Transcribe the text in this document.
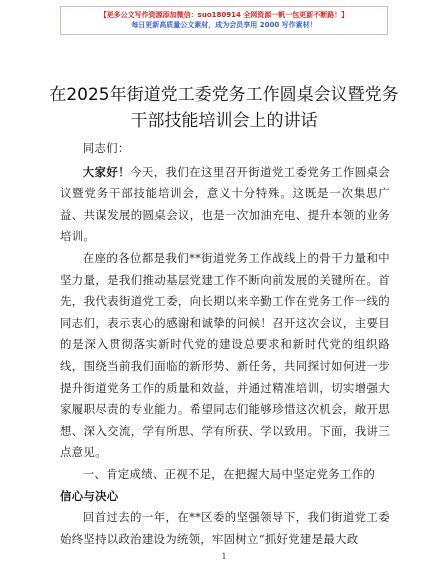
【更多公文写作资源添加微信：suo180914 全网资源一帆一包更新不断路！】
每日更新高质量公文素材，成为会员享用 2000 写作素材！
在2025年街道党工委党务工作圆桌会议暨党务
干部技能培训会上的讲话

同志们：

大家好！今天，我们在这里召开街道党工委党务工作圆桌会议暨党务干部技能培训会，意义十分特殊。这既是一次集思广益、共谋发展的圆桌会议，也是一次加油充电、提升本领的业务培训。

在座的各位都是我们**街道党务工作战线上的骨干力量和中坚力量，是我们推动基层党建工作不断向前发展的关键所在。首先，我代表街道党工委，向长期以来辛勤工作在党务工作一线的同志们，表示衷心的感谢和诚挚的问候！召开这次会议，主要目的是深入贯彻落实新时代党的建设总要求和新时代党的组织路线，围绕当前我们面临的新形势、新任务，共同探讨如何进一步提升街道党务工作的质量和效益，并通过精准培训，切实增强大家履职尽责的专业能力。希望同志们能够珍惜这次机会，敞开思想、深入交流，学有所思、学有所获、学以致用。下面，我讲三点意见。

一、肯定成绩、正视不足，在把握大局中坚定党务工作的

信心与决心

回首过去的一年，在**区委的坚强领导下，我们街道党工委始终坚持以政治建设为统领，牢固树立“抓好党建是最大政

1
